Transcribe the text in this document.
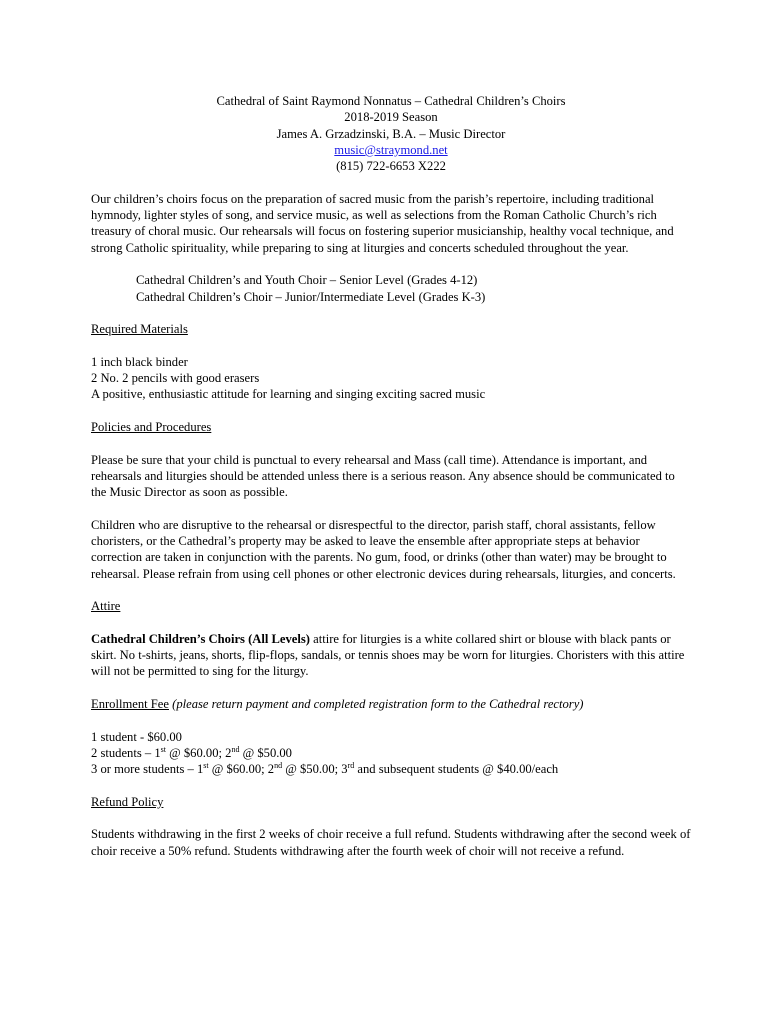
Cathedral of Saint Raymond Nonnatus – Cathedral Children’s Choirs
2018-2019 Season
James A. Grzadzinski, B.A. – Music Director
music@straymond.net
(815) 722-6653 X222

Our children’s choirs focus on the preparation of sacred music from the parish’s repertoire, including traditional hymnody, lighter styles of song, and service music, as well as selections from the Roman Catholic Church’s rich treasury of choral music. Our rehearsals will focus on fostering superior musicianship, healthy vocal technique, and strong Catholic spirituality, while preparing to sing at liturgies and concerts scheduled throughout the year.

Cathedral Children’s and Youth Choir – Senior Level (Grades 4-12)
Cathedral Children’s Choir – Junior/Intermediate Level (Grades K-3)
Required Materials
1 inch black binder
2 No. 2 pencils with good erasers
A positive, enthusiastic attitude for learning and singing exciting sacred music
Policies and Procedures

Please be sure that your child is punctual to every rehearsal and Mass (call time). Attendance is important, and rehearsals and liturgies should be attended unless there is a serious reason. Any absence should be communicated to the Music Director as soon as possible.

Children who are disruptive to the rehearsal or disrespectful to the director, parish staff, choral assistants, fellow choristers, or the Cathedral’s property may be asked to leave the ensemble after appropriate steps at behavior correction are taken in conjunction with the parents. No gum, food, or drinks (other than water) may be brought to rehearsal. Please refrain from using cell phones or other electronic devices during rehearsals, liturgies, and concerts.

Attire

Cathedral Children’s Choirs (All Levels) attire for liturgies is a white collared shirt or blouse with black pants or skirt. No t-shirts, jeans, shorts, flip-flops, sandals, or tennis shoes may be worn for liturgies. Choristers with this attire will not be permitted to sing for the liturgy.

Enrollment Fee (please return payment and completed registration form to the Cathedral rectory)
1 student - $60.00
2 students – 1st @ $60.00; 2nd @ $50.00
3 or more students – 1st @ $60.00; 2nd @ $50.00; 3rd and subsequent students @ $40.00/each
Refund Policy

Students withdrawing in the first 2 weeks of choir receive a full refund. Students withdrawing after the second week of choir receive a 50% refund. Students withdrawing after the fourth week of choir will not receive a refund.
